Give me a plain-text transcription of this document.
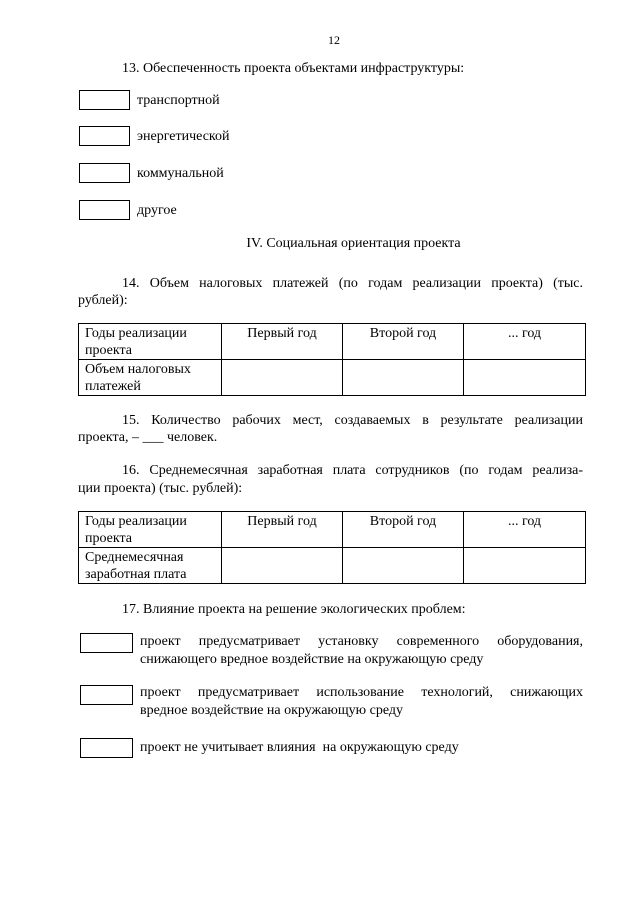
12
13. Обеспеченность проекта объектами инфраструктуры:
транспортной
энергетической
коммунальной
другое
IV. Социальная ориентация проекта
14. Объем налоговых платежей (по годам реализации проекта) (тыс.
рублей):
Годы реализации проекта	Первый год	Второй год	... год
Объем налоговых платежей			
15. Количество рабочих мест, создаваемых в результате реализации
проекта, – ___ человек.
16. Среднемесячная заработная плата сотрудников (по годам реализа-
ции проекта) (тыс. рублей):
Годы реализации проекта	Первый год	Второй год	... год
Среднемесячная заработная плата			
17. Влияние проекта на решение экологических проблем:
проект предусматривает установку современного оборудования,
снижающего вредное воздействие на окружающую среду
проект предусматривает использование технологий, снижающих
вредное воздействие на окружающую среду
проект не учитывает влияния  на окружающую среду
